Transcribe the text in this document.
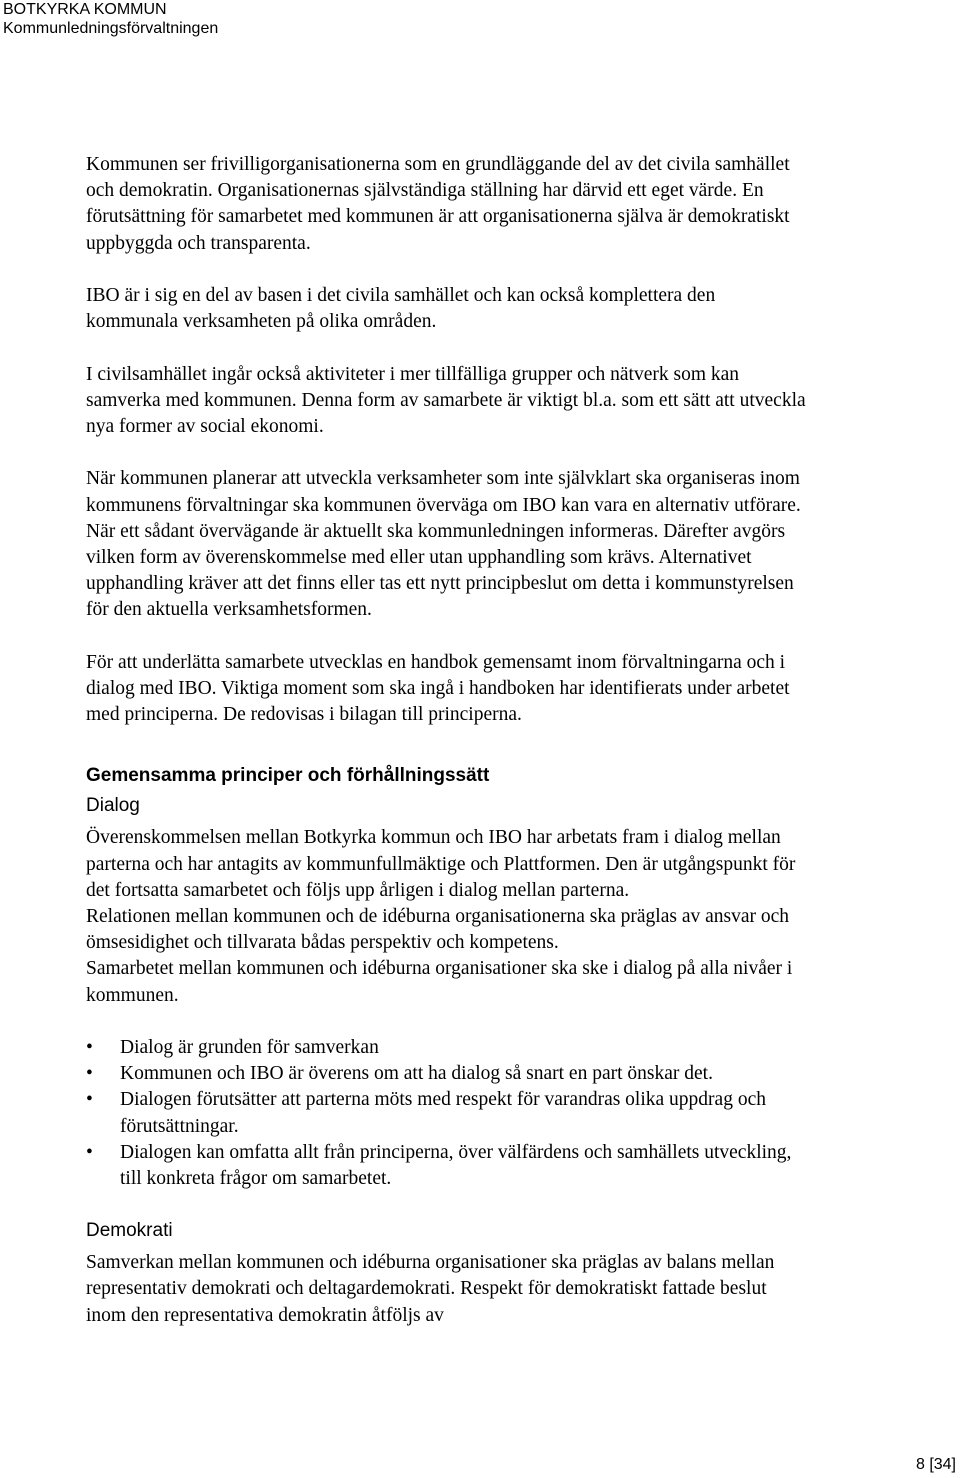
BOTKYRKA KOMMUN
Kommunledningsförvaltningen

Kommunen ser frivilligorganisationerna som en grundläggande del av det civila samhället och demokratin. Organisationernas självständiga ställning har därvid ett eget värde. En förutsättning för samarbetet med kommunen är att organisationerna själva är demokratiskt uppbyggda och transparenta.

IBO är i sig en del av basen i det civila samhället och kan också komplettera den kommunala verksamheten på olika områden.

I civilsamhället ingår också aktiviteter i mer tillfälliga grupper och nätverk som kan samverka med kommunen. Denna form av samarbete är viktigt bl.a. som ett sätt att utveckla nya former av social ekonomi.

När kommunen planerar att utveckla verksamheter som inte självklart ska organiseras inom kommunens förvaltningar ska kommunen överväga om IBO kan vara en alternativ utförare. När ett sådant övervägande är aktuellt ska kommunledningen informeras. Därefter avgörs vilken form av överenskommelse med eller utan upphandling som krävs. Alternativet upphandling kräver att det finns eller tas ett nytt principbeslut om detta i kommunstyrelsen för den aktuella verksamhetsformen.

För att underlätta samarbete utvecklas en handbok gemensamt inom förvaltningarna och i dialog med IBO. Viktiga moment som ska ingå i handboken har identifierats under arbetet med principerna. De redovisas i bilagan till principerna.

Gemensamma principer och förhållningssätt
Dialog

Överenskommelsen mellan Botkyrka kommun och IBO har arbetats fram i dialog mellan parterna och har antagits av kommunfullmäktige och Plattformen. Den är utgångspunkt för det fortsatta samarbetet och följs upp årligen i dialog mellan parterna.

Relationen mellan kommunen och de idéburna organisationerna ska präglas av ansvar och ömsesidighet och tillvarata bådas perspektiv och kompetens.

Samarbetet mellan kommunen och idéburna organisationer ska ske i dialog på alla nivåer i kommunen.

• Dialog är grunden för samverkan
• Kommunen och IBO är överens om att ha dialog så snart en part önskar det.
• Dialogen förutsätter att parterna möts med respekt för varandras olika uppdrag och förutsättningar.
• Dialogen kan omfatta allt från principerna, över välfärdens och samhällets utveckling, till konkreta frågor om samarbetet.
Demokrati

Samverkan mellan kommunen och idéburna organisationer ska präglas av balans mellan representativ demokrati och deltagardemokrati. Respekt för demokratiskt fattade beslut inom den representativa demokratin åtföljs av

8 [34]
